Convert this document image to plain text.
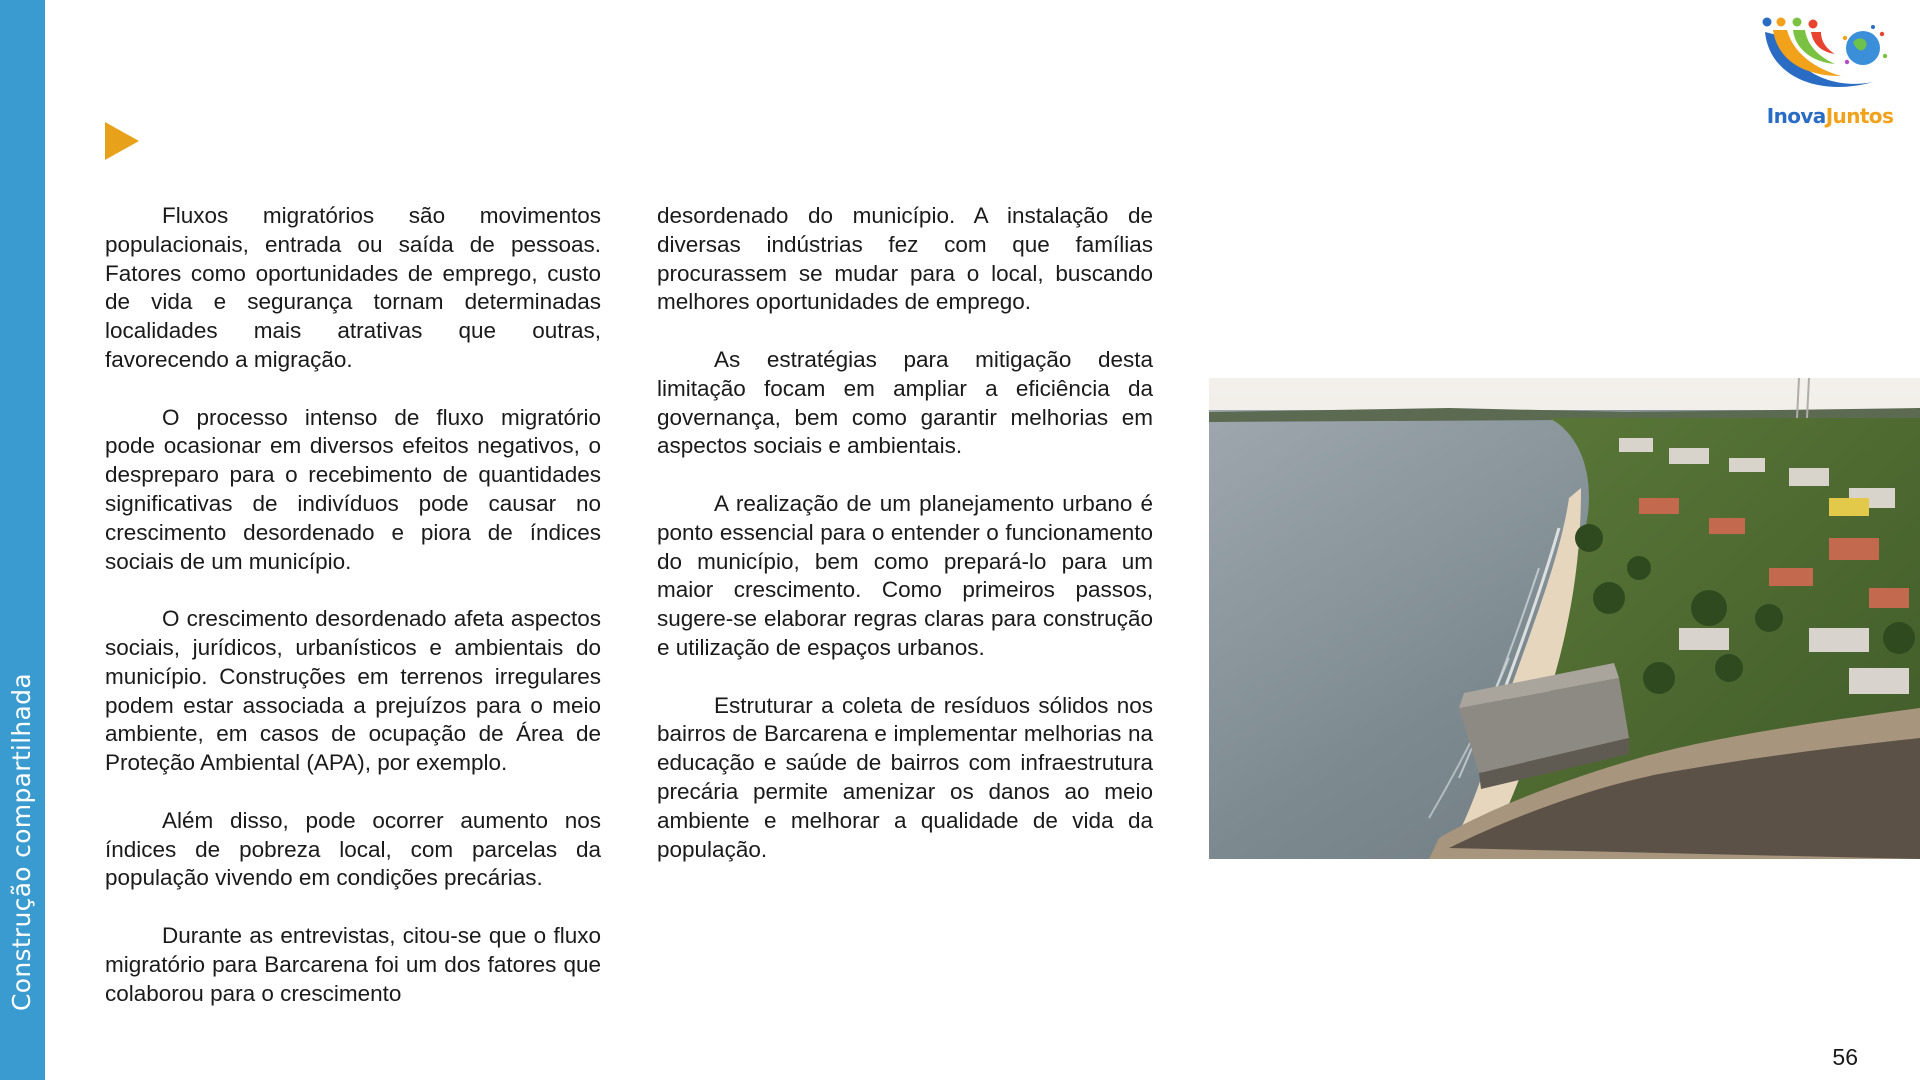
Construção compartilhada
InovaJuntos

Fluxos migratórios são movimentos populacionais, entrada ou saída de pessoas. Fatores como oportunidades de emprego, custo de vida e segurança tornam determinadas localidades mais atrativas que outras, favorecendo a migração.

O processo intenso de fluxo migratório pode ocasionar em diversos efeitos negativos, o despreparo para o recebimento de quantidades significativas de indivíduos pode causar no crescimento desordenado e piora de índices sociais de um município.

O crescimento desordenado afeta aspectos sociais, jurídicos, urbanísticos e ambientais do município. Construções em terrenos irregulares podem estar associada a prejuízos para o meio ambiente, em casos de ocupação de Área de Proteção Ambiental (APA), por exemplo.

Além disso, pode ocorrer aumento nos índices de pobreza local, com parcelas da população vivendo em condições precárias.

Durante as entrevistas, citou-se que o fluxo migratório para Barcarena foi um dos fatores que colaborou para o crescimento

desordenado do município. A instalação de diversas indústrias fez com que famílias procurassem se mudar para o local, buscando melhores oportunidades de emprego.

As estratégias para mitigação desta limitação focam em ampliar a eficiência da governança, bem como garantir melhorias em aspectos sociais e ambientais.

A realização de um planejamento urbano é ponto essencial para o entender o funcionamento do município, bem como prepará-lo para um maior crescimento. Como primeiros passos, sugere-se elaborar regras claras para construção e utilização de espaços urbanos.

Estruturar a coleta de resíduos sólidos nos bairros de Barcarena e implementar melhorias na educação e saúde de bairros com infraestrutura precária permite amenizar os danos ao meio ambiente e melhorar a qualidade de vida da população.

56
